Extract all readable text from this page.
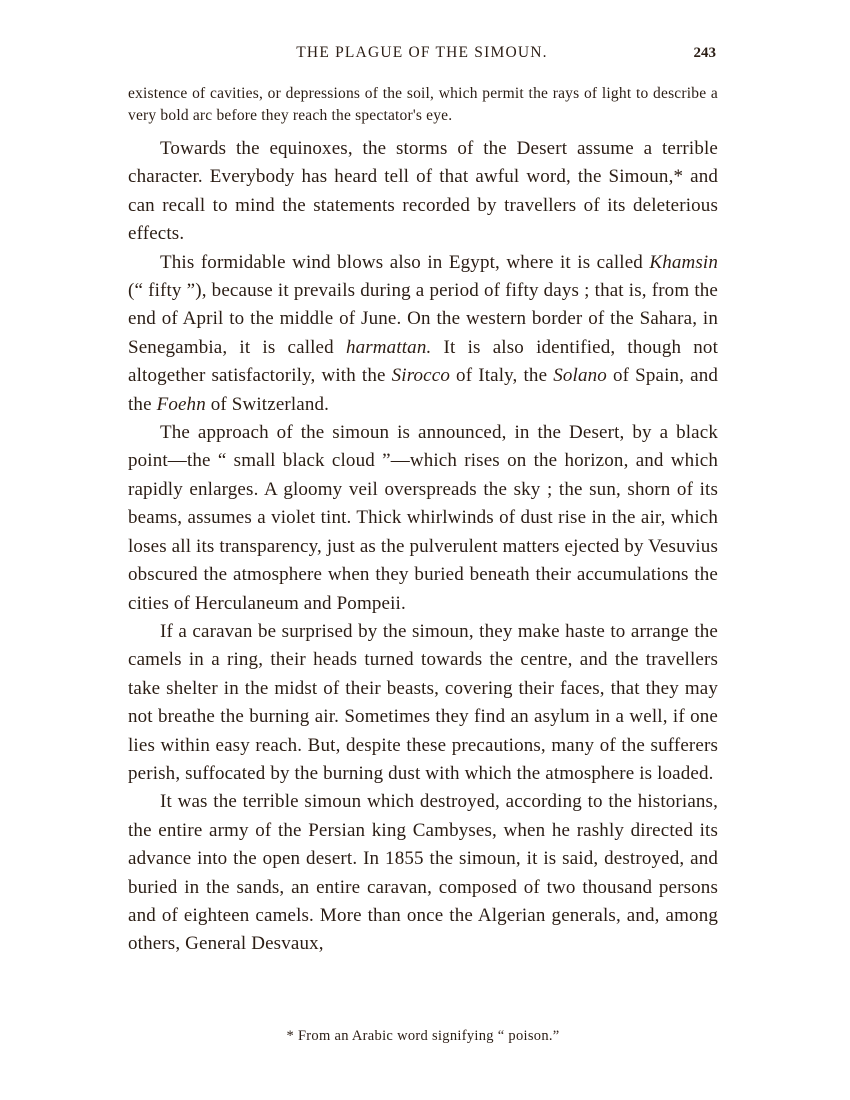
THE PLAGUE OF THE SIMOUN.	243
existence of cavities, or depressions of the soil, which permit the rays of light to describe a very bold arc before they reach the spectator's eye.

Towards the equinoxes, the storms of the Desert assume a terrible character. Everybody has heard tell of that awful word, the Simoun,* and can recall to mind the statements recorded by travellers of its deleterious effects.

This formidable wind blows also in Egypt, where it is called Khamsin (“ fifty ”), because it prevails during a period of fifty days ; that is, from the end of April to the middle of June. On the western border of the Sahara, in Senegambia, it is called harmattan. It is also identified, though not altogether satisfactorily, with the Sirocco of Italy, the Solano of Spain, and the Foehn of Switzerland.

The approach of the simoun is announced, in the Desert, by a black point—the “ small black cloud ”—which rises on the horizon, and which rapidly enlarges. A gloomy veil overspreads the sky ; the sun, shorn of its beams, assumes a violet tint. Thick whirlwinds of dust rise in the air, which loses all its transparency, just as the pulverulent matters ejected by Vesuvius obscured the atmosphere when they buried beneath their accumulations the cities of Herculaneum and Pompeii.

If a caravan be surprised by the simoun, they make haste to arrange the camels in a ring, their heads turned towards the centre, and the travellers take shelter in the midst of their beasts, covering their faces, that they may not breathe the burning air. Sometimes they find an asylum in a well, if one lies within easy reach. But, despite these precautions, many of the sufferers perish, suffocated by the burning dust with which the atmosphere is loaded.

It was the terrible simoun which destroyed, according to the historians, the entire army of the Persian king Cambyses, when he rashly directed its advance into the open desert. In 1855 the simoun, it is said, destroyed, and buried in the sands, an entire caravan, composed of two thousand persons and of eighteen camels. More than once the Algerian generals, and, among others, General Desvaux,

* From an Arabic word signifying “ poison.”
